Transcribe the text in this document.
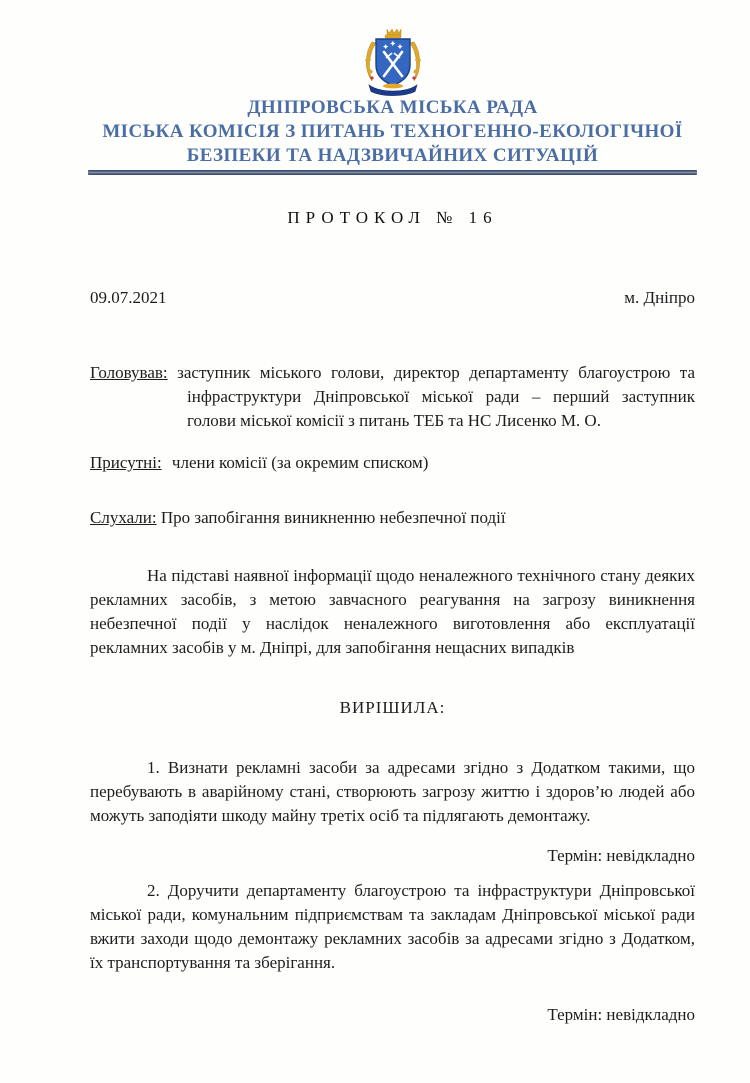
ДНІПРОВСЬКА МІСЬКА РАДА
МІСЬКА КОМІСІЯ З ПИТАНЬ ТЕХНОГЕННО-ЕКОЛОГІЧНОЇ
БЕЗПЕКИ ТА НАДЗВИЧАЙНИХ СИТУАЦІЙ
ПРОТОКОЛ № 16
09.07.2021	м. Дніпро

Головував: заступник міського голови, директор департаменту благоустрою та інфраструктури Дніпровської міської ради – перший заступник голови міської комісії з питань ТЕБ та НС Лисенко М. О.

Присутні: члени комісії (за окремим списком)

Слухали: Про запобігання виникненню небезпечної події

На підставі наявної інформації щодо неналежного технічного стану деяких рекламних засобів, з метою завчасного реагування на загрозу виникнення небезпечної події у наслідок неналежного виготовлення або експлуатації рекламних засобів у м. Дніпрі, для запобігання нещасних випадків

ВИРІШИЛА:

1. Визнати рекламні засоби за адресами згідно з Додатком такими, що перебувають в аварійному стані, створюють загрозу життю і здоров’ю людей або можуть заподіяти шкоду майну третіх осіб та підлягають демонтажу.

Термін: невідкладно

2. Доручити департаменту благоустрою та інфраструктури Дніпровської міської ради, комунальним підприємствам та закладам Дніпровської міської ради вжити заходи щодо демонтажу рекламних засобів за адресами згідно з Додатком, їх транспортування та зберігання.

Термін: невідкладно
